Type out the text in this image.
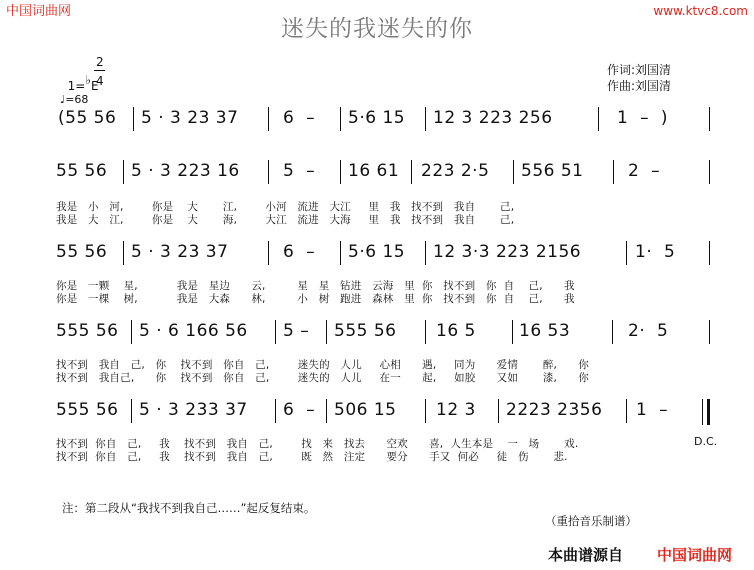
中国词曲网	www.ktvc8.com
迷失的我迷失的你

1=♭E

2
4
♩=68
作词:刘国清
作曲:刘国清
(55 56 5 · 3 23 37	6  – 5·6 15 12 3 223 256	1  –  )
55 56 5 · 3 223 16	5  – 16 61 223 2·5 556 51	2  –
我是   小   河,        你是    大       江,        小河   流进   大江     里   我   找不到   我自       己,
我是   大   江,        你是    大       海,        大江   流进   大海     里   我   找不到   我自       己,
55 56 5 · 3 23 37	6  – 5·6 15 12 3·3 223 2156	1·  5
你是   一颗    星,           我是   星边      云,         星   星   钻进   云海   里  你   找不到   你  自    己,      我
你是   一棵    树,           我是   大森      林,         小   树   跑进   森林   里  你   找不到   你  自    己,      我
555 56 5 · 6 166 56 5 – 555 56 16 5	16 53	2·  5
找不到   我自   己,   你    找不到   你自   己,        迷失的   人儿     心相      遇,     同为      爱情       醉,      你
找不到   我自己,      你    找不到   你自   己,        迷失的   人儿     在一      起,     如胶      又如       漆,      你
555 56 5 · 3 233 37 6  – 506 15 12 3 2223 2356 1  –
找不到  你自   己,     我    找不到   我自   己,        找   来   找去      空欢      喜,  人生本是    一   场       戏.
找不到  你自   己,     我    找不到   我自   己,        既   然   注定      要分      手又  何必     徒   伤       悲.
D.C.
注：第二段从“我找不到我自己……”起反复结束。
（重拾音乐制谱）
本曲谱源自 中国词曲网
